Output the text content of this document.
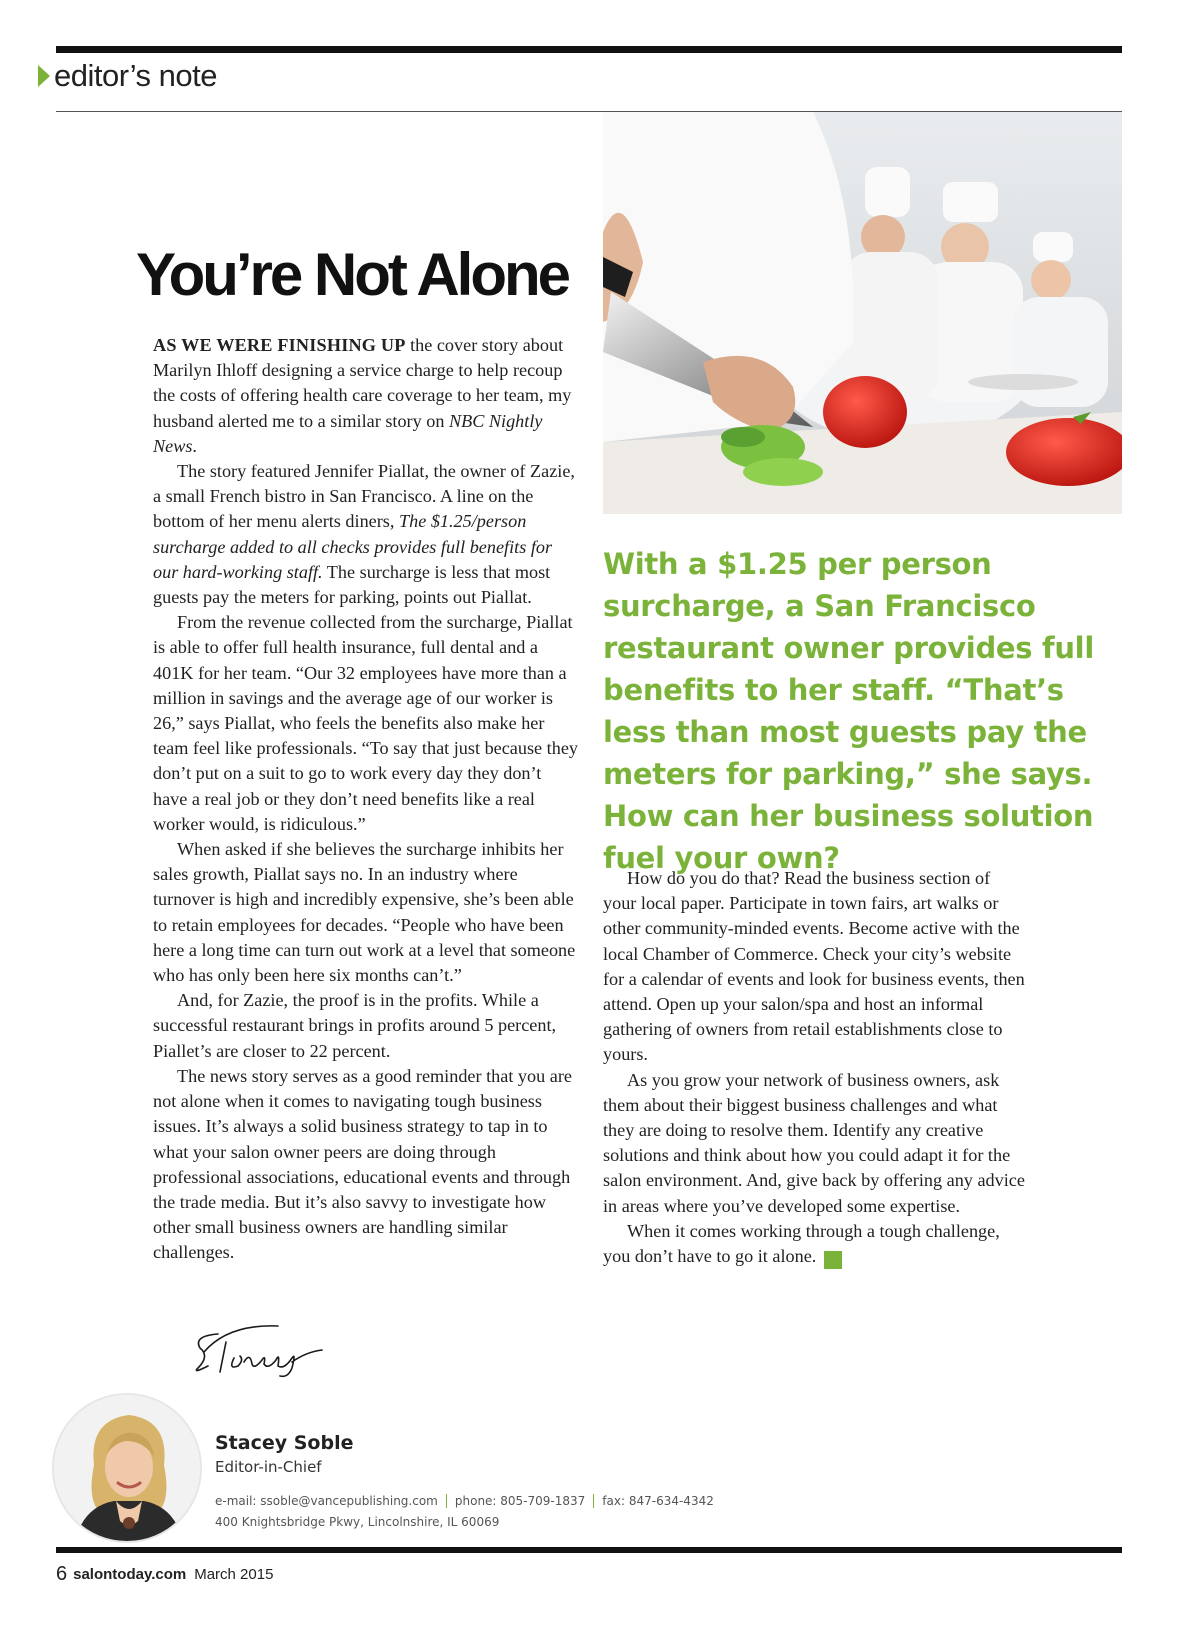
editor’s note
You’re Not Alone

AS WE WERE FINISHING UP the cover story about Marilyn Ihloff designing a service charge to help recoup the costs of offering health care coverage to her team, my husband alerted me to a similar story on NBC Nightly News.

The story featured Jennifer Piallat, the owner of Zazie, a small French bistro in San Francisco. A line on the bottom of her menu alerts diners, The $1.25/person surcharge added to all checks provides full benefits for our hard-working staff. The surcharge is less that most guests pay the meters for parking, points out Piallat.

From the revenue collected from the surcharge, Piallat is able to offer full health insurance, full dental and a 401K for her team. “Our 32 employees have more than a million in savings and the average age of our worker is 26,” says Piallat, who feels the benefits also make her team feel like professionals. “To say that just because they don’t put on a suit to go to work every day they don’t have a real job or they don’t need benefits like a real worker would, is ridiculous.”

When asked if she believes the surcharge inhibits her sales growth, Piallat says no. In an industry where turnover is high and incredibly expensive, she’s been able to retain employees for decades. “People who have been here a long time can turn out work at a level that someone who has only been here six months can’t.”

And, for Zazie, the proof is in the profits. While a successful restaurant brings in profits around 5 percent, Piallet’s are closer to 22 percent.

The news story serves as a good reminder that you are not alone when it comes to navigating tough business issues. It’s always a solid business strategy to tap in to what your salon owner peers are doing through professional associations, educational events and through the trade media. But it’s also savvy to investigate how other small business owners are handling similar challenges.

With a $1.25 per person surcharge, a San Francisco restaurant owner provides full benefits to her staff. “That’s less than most guests pay the meters for parking,” she says. How can her business solution fuel your own?

How do you do that? Read the business section of your local paper. Participate in town fairs, art walks or other community-minded events. Become active with the local Chamber of Commerce. Check your city’s website for a calendar of events and look for business events, then attend. Open up your salon/spa and host an informal gathering of owners from retail establishments close to yours.

As you grow your network of business owners, ask them about their biggest business challenges and what they are doing to resolve them. Identify any creative solutions and think about how you could adapt it for the salon environment. And, give back by offering any advice in areas where you’ve developed some expertise.

When it comes working through a tough challenge, you don’t have to go it alone. st

Stacey Soble
Editor-in-Chief
e-mail: ssoble@vancepublishing.com phone: 805-709-1837 fax: 847-634-4342
400 Knightsbridge Pkwy, Lincolnshire, IL 60069
6 salontoday.com March 2015
